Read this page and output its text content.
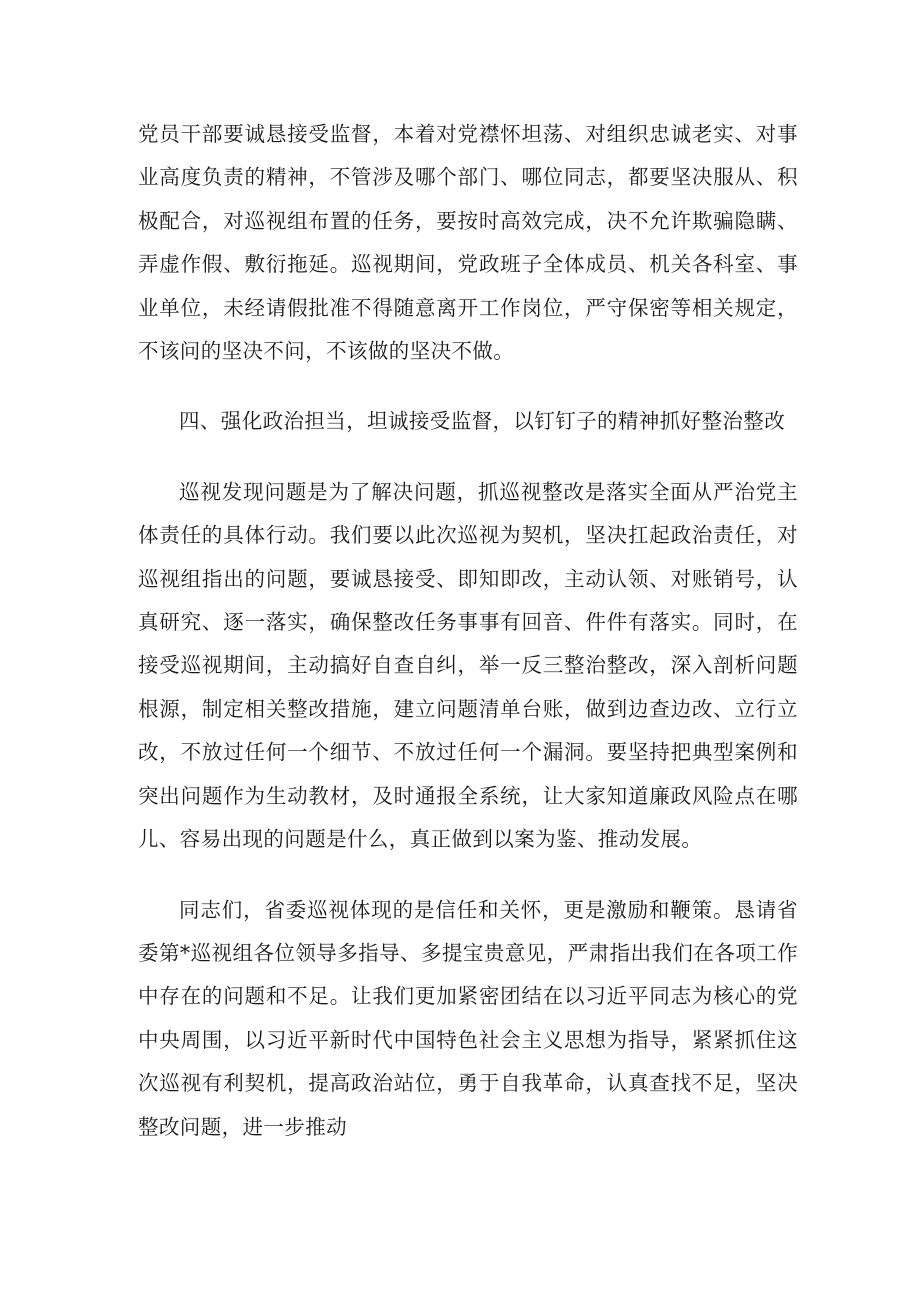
党员干部要诚恳接受监督，本着对党襟怀坦荡、对组织忠诚老实、对事业高度负责的精神，不管涉及哪个部门、哪位同志，都要坚决服从、积极配合，对巡视组布置的任务，要按时高效完成，决不允许欺骗隐瞒、弄虚作假、敷衍拖延。巡视期间，党政班子全体成员、机关各科室、事业单位，未经请假批准不得随意离开工作岗位，严守保密等相关规定，不该问的坚决不问，不该做的坚决不做。

四、强化政治担当，坦诚接受监督，以钉钉子的精神抓好整治整改

巡视发现问题是为了解决问题，抓巡视整改是落实全面从严治党主体责任的具体行动。我们要以此次巡视为契机，坚决扛起政治责任，对巡视组指出的问题，要诚恳接受、即知即改，主动认领、对账销号，认真研究、逐一落实，确保整改任务事事有回音、件件有落实。同时，在接受巡视期间，主动搞好自查自纠，举一反三整治整改，深入剖析问题根源，制定相关整改措施，建立问题清单台账，做到边查边改、立行立改，不放过任何一个细节、不放过任何一个漏洞。要坚持把典型案例和突出问题作为生动教材，及时通报全系统，让大家知道廉政风险点在哪儿、容易出现的问题是什么，真正做到以案为鉴、推动发展。

同志们，省委巡视体现的是信任和关怀，更是激励和鞭策。恳请省委第*巡视组各位领导多指导、多提宝贵意见，严肃指出我们在各项工作中存在的问题和不足。让我们更加紧密团结在以习近平同志为核心的党中央周围，以习近平新时代中国特色社会主义思想为指导，紧紧抓住这次巡视有利契机，提高政治站位，勇于自我革命，认真查找不足，坚决整改问题，进一步推动
